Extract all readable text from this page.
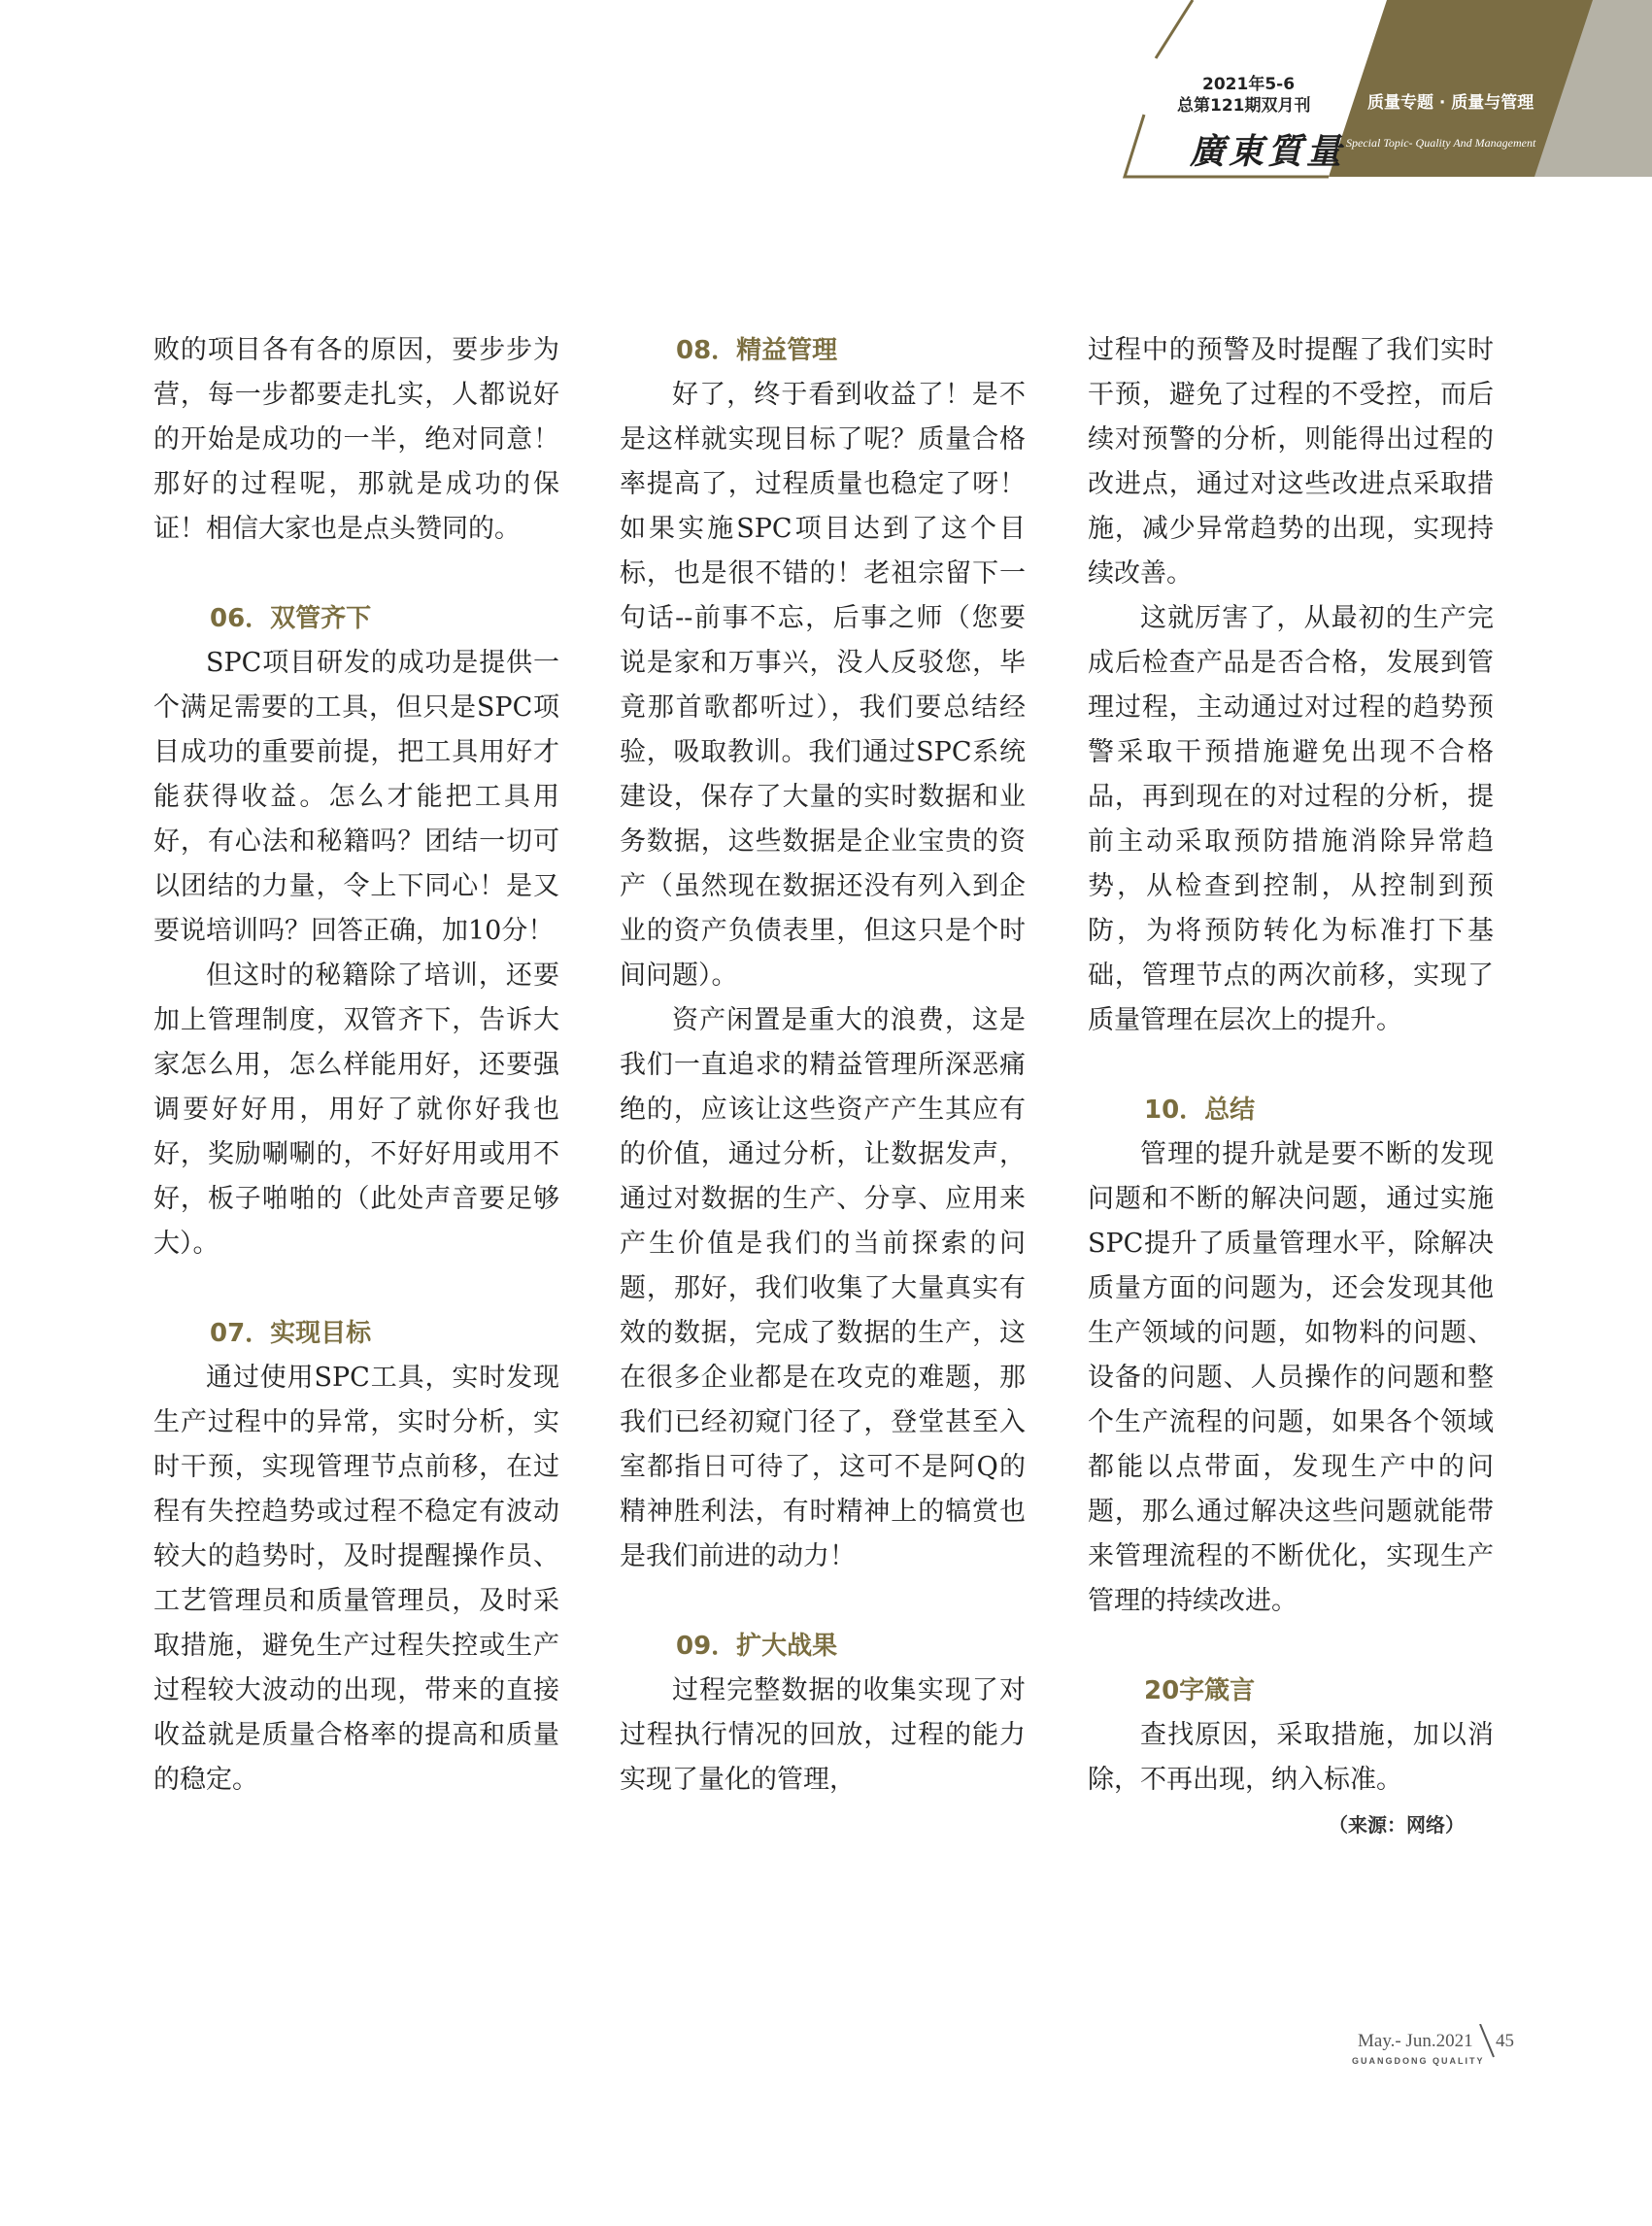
2021年5-6
总第121期双月刊
廣東質量
质量专题 · 质量与管理
Special Topic- Quality And Management

败的项目各有各的原因，要步步为营，每一步都要走扎实，人都说好的开始是成功的一半，绝对同意！那好的过程呢，那就是成功的保证！相信大家也是点头赞同的。

06．双管齐下

SPC项目研发的成功是提供一个满足需要的工具，但只是SPC项目成功的重要前提，把工具用好才能获得收益。怎么才能把工具用好，有心法和秘籍吗？团结一切可以团结的力量，令上下同心！是又要说培训吗？回答正确，加10分！

但这时的秘籍除了培训，还要加上管理制度，双管齐下，告诉大家怎么用，怎么样能用好，还要强调要好好用，用好了就你好我也好，奖励唰唰的，不好好用或用不好，板子啪啪的（此处声音要足够大）。

07．实现目标

通过使用SPC工具，实时发现生产过程中的异常，实时分析，实时干预，实现管理节点前移，在过程有失控趋势或过程不稳定有波动较大的趋势时，及时提醒操作员、工艺管理员和质量管理员，及时采取措施，避免生产过程失控或生产过程较大波动的出现，带来的直接收益就是质量合格率的提高和质量的稳定。

08．精益管理

好了，终于看到收益了！是不是这样就实现目标了呢？质量合格率提高了，过程质量也稳定了呀！如果实施SPC项目达到了这个目标，也是很不错的！老祖宗留下一句话--前事不忘，后事之师（您要说是家和万事兴，没人反驳您，毕竟那首歌都听过），我们要总结经验，吸取教训。我们通过SPC系统建设，保存了大量的实时数据和业务数据，这些数据是企业宝贵的资产（虽然现在数据还没有列入到企业的资产负债表里，但这只是个时间问题）。

资产闲置是重大的浪费，这是我们一直追求的精益管理所深恶痛绝的，应该让这些资产产生其应有的价值，通过分析，让数据发声，通过对数据的生产、分享、应用来产生价值是我们的当前探索的问题，那好，我们收集了大量真实有效的数据，完成了数据的生产，这在很多企业都是在攻克的难题，那我们已经初窥门径了，登堂甚至入室都指日可待了，这可不是阿Q的精神胜利法，有时精神上的犒赏也是我们前进的动力！

09．扩大战果

过程完整数据的收集实现了对过程执行情况的回放，过程的能力实现了量化的管理，

过程中的预警及时提醒了我们实时干预，避免了过程的不受控，而后续对预警的分析，则能得出过程的改进点，通过对这些改进点采取措施，减少异常趋势的出现，实现持续改善。

这就厉害了，从最初的生产完成后检查产品是否合格，发展到管理过程，主动通过对过程的趋势预警采取干预措施避免出现不合格品，再到现在的对过程的分析，提前主动采取预防措施消除异常趋势，从检查到控制，从控制到预防，为将预防转化为标准打下基础，管理节点的两次前移，实现了质量管理在层次上的提升。

10．总结

管理的提升就是要不断的发现问题和不断的解决问题，通过实施SPC提升了质量管理水平，除解决质量方面的问题为，还会发现其他生产领域的问题，如物料的问题、设备的问题、人员操作的问题和整个生产流程的问题，如果各个领域都能以点带面，发现生产中的问题，那么通过解决这些问题就能带来管理流程的不断优化，实现生产管理的持续改进。

20字箴言

查找原因，采取措施，加以消除，不再出现，纳入标准。

（来源：网络）
May.- Jun.2021
GUANGDONG QUALITY
45
